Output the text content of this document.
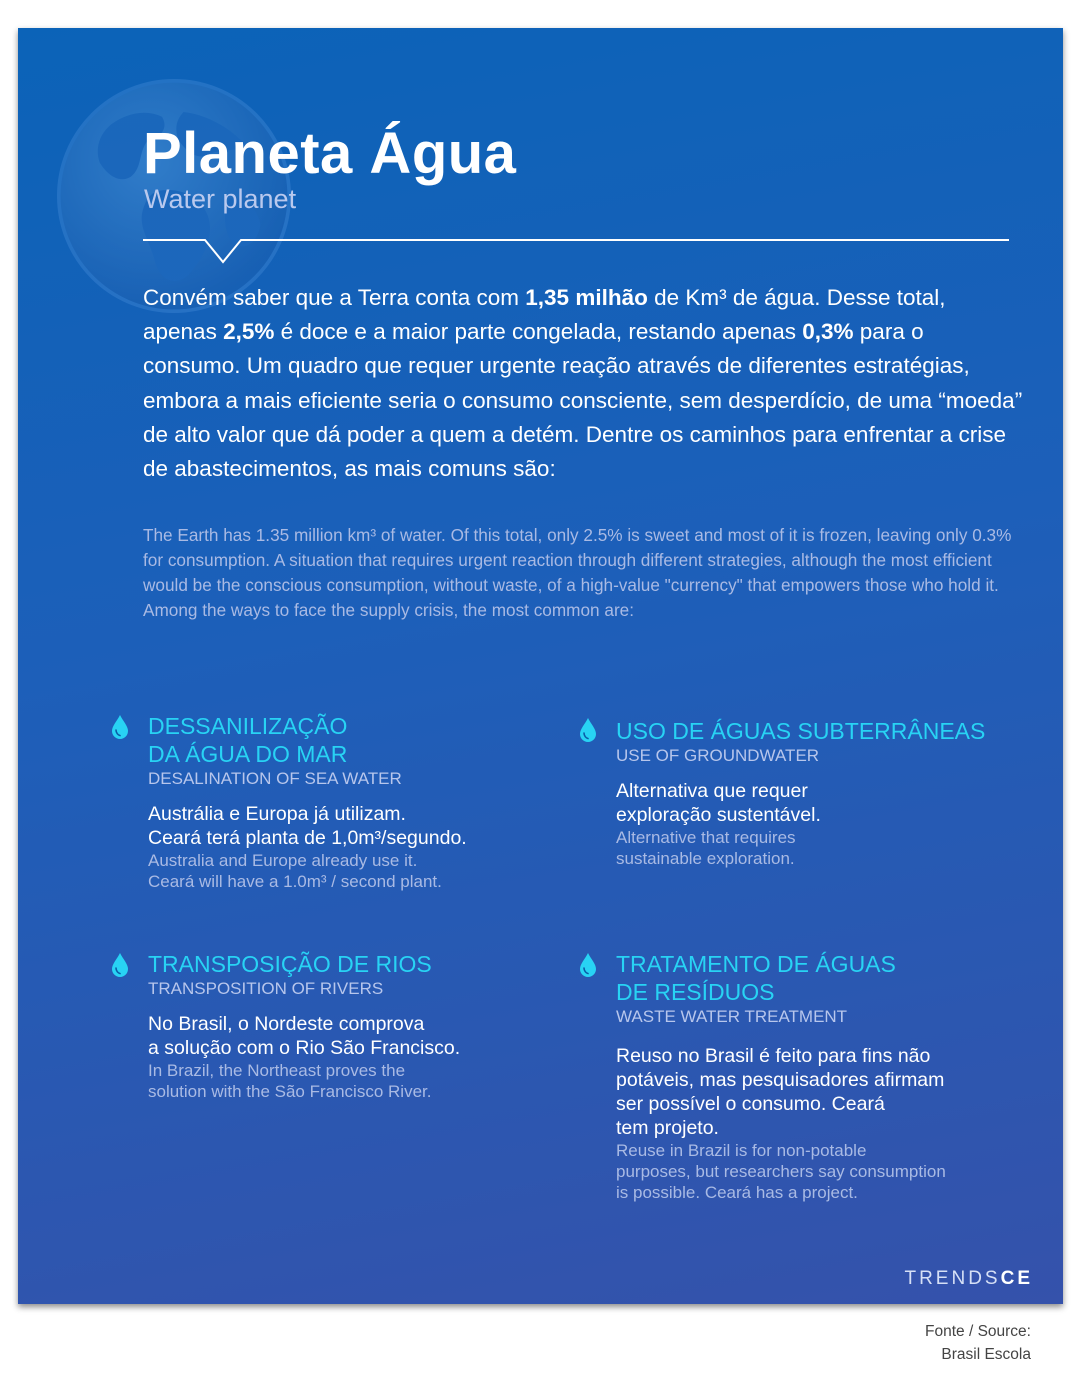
Planeta Água

Water planet

Convém saber que a Terra conta com 1,35 milhão de Km³ de água. Desse total, apenas 2,5% é doce e a maior parte congelada, restando apenas 0,3% para o consumo. Um quadro que requer urgente reação através de diferentes estratégias, embora a mais eficiente seria o consumo consciente, sem desperdício, de uma “moeda” de alto valor que dá poder a quem a detém. Dentre os caminhos para enfrentar a crise de abastecimentos, as mais comuns são:

The Earth has 1.35 million km³ of water. Of this total, only 2.5% is sweet and most of it is frozen, leaving only 0.3% for consumption. A situation that requires urgent reaction through different strategies, although the most efficient would be the conscious consumption, without waste, of a high-value "currency" that empowers those who hold it. Among the ways to face the supply crisis, the most common are:

DESSANILIZAÇÃO

DA ÁGUA DO MAR

DESALINATION OF SEA WATER

Austrália e Europa já utilizam.

Ceará terá planta de 1,0m³/segundo.

Australia and Europe already use it.

Ceará will have a 1.0m³ / second plant.

USO DE ÁGUAS SUBTERRÂNEAS

USE OF GROUNDWATER

Alternativa que requer

exploração sustentável.

Alternative that requires

sustainable exploration.

TRANSPOSIÇÃO DE RIOS

TRANSPOSITION OF RIVERS

No Brasil, o Nordeste comprova

a solução com o Rio São Francisco.

In Brazil, the Northeast proves the

solution with the São Francisco River.

TRATAMENTO DE ÁGUAS

DE RESÍDUOS

WASTE WATER TREATMENT

Reuso no Brasil é feito para fins não

potáveis, mas pesquisadores afirmam

ser possível o consumo. Ceará

tem projeto.

Reuse in Brazil is for non-potable

purposes, but researchers say consumption

is possible. Ceará has a project.

TRENDSCE
Fonte / Source:
Brasil Escola
